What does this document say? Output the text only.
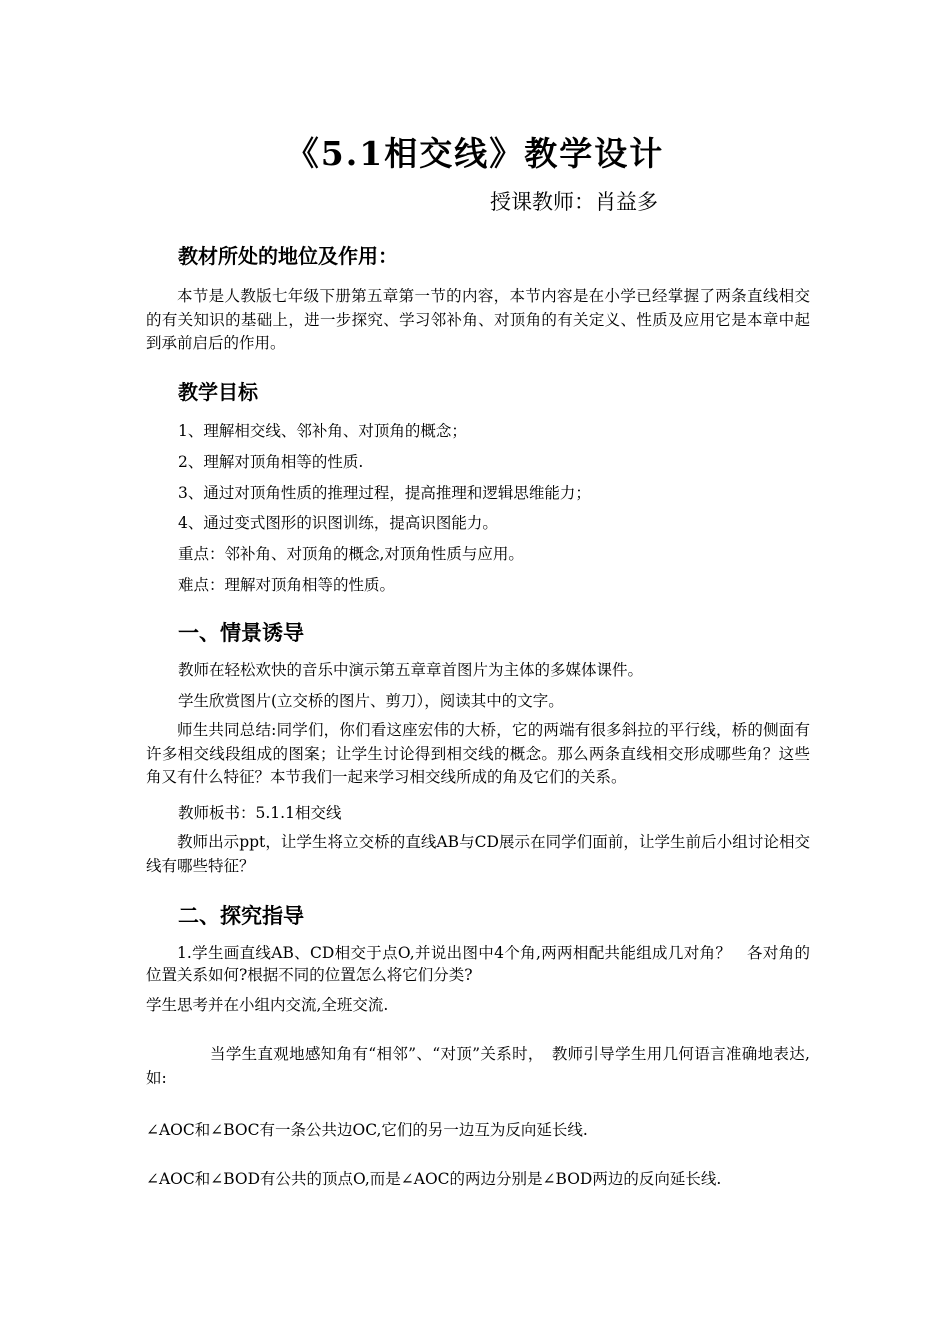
《5.1相交线》教学设计
授课教师：肖益多
教材所处的地位及作用：

本节是人教版七年级下册第五章第一节的内容，本节内容是在小学已经掌握了两条直线相交的有关知识的基础上，进一步探究、学习邻补角、对顶角的有关定义、性质及应用它是本章中起到承前启后的作用。

教学目标
1、理解相交线、邻补角、对顶角的概念；
2、理解对顶角相等的性质.
3、通过对顶角性质的推理过程，提高推理和逻辑思维能力；
4、通过变式图形的识图训练，提高识图能力。
重点：邻补角、对顶角的概念,对顶角性质与应用。
难点：理解对顶角相等的性质。
一、情景诱导
教师在轻松欢快的音乐中演示第五章章首图片为主体的多媒体课件。
学生欣赏图片(立交桥的图片、剪刀），阅读其中的文字。

师生共同总结:同学们，你们看这座宏伟的大桥，它的两端有很多斜拉的平行线，桥的侧面有许多相交线段组成的图案；让学生讨论得到相交线的概念。那么两条直线相交形成哪些角？这些角又有什么特征？本节我们一起来学习相交线所成的角及它们的关系。

教师板书：5.1.1相交线

教师出示ppt，让学生将立交桥的直线AB与CD展示在同学们面前，让学生前后小组讨论相交线有哪些特征？

二、探究指导

1.学生画直线AB、CD相交于点O,并说出图中4个角,两两相配共能组成几对角？　各对角的位置关系如何?根据不同的位置怎么将它们分类?

学生思考并在小组内交流,全班交流.

当学生直观地感知角有“相邻”、“对顶”关系时，　教师引导学生用几何语言准确地表达,如:

∠AOC和∠BOC有一条公共边OC,它们的另一边互为反向延长线.
∠AOC和∠BOD有公共的顶点O,而是∠AOC的两边分别是∠BOD两边的反向延长线.
